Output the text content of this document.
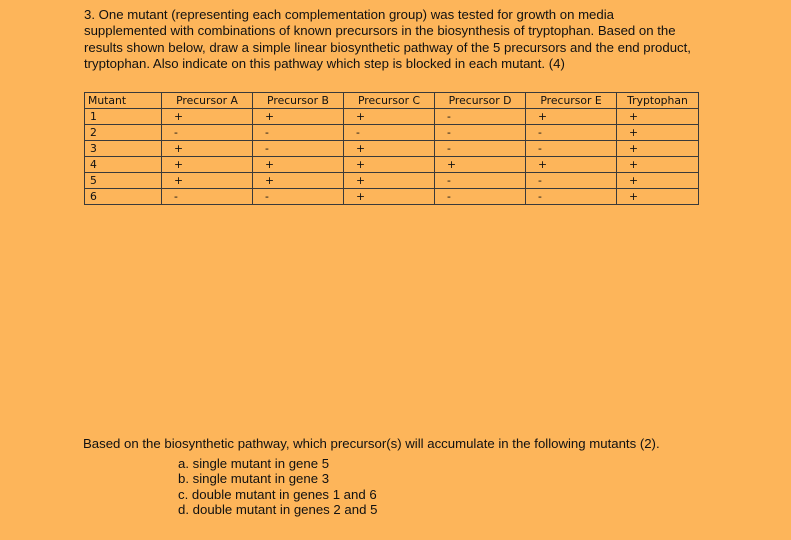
3. One mutant (representing each complementation group) was tested for growth on media
supplemented with combinations of known precursors in the biosynthesis of tryptophan. Based on the
results shown below, draw a simple linear biosynthetic pathway of the 5 precursors and the end product,
tryptophan. Also indicate on this pathway which step is blocked in each mutant. (4)
Mutant	Precursor A	Precursor B	Precursor C	Precursor D	Precursor E	Tryptophan
1	+	+	+	-	+	+
2	-	-	-	-	-	+
3	+	-	+	-	-	+
4	+	+	+	+	+	+
5	+	+	+	-	-	+
6	-	-	+	-	-	+
Based on the biosynthetic pathway, which precursor(s) will accumulate in the following mutants (2).
a. single mutant in gene 5
b. single mutant in gene 3
c. double mutant in genes 1 and 6
d. double mutant in genes 2 and 5
